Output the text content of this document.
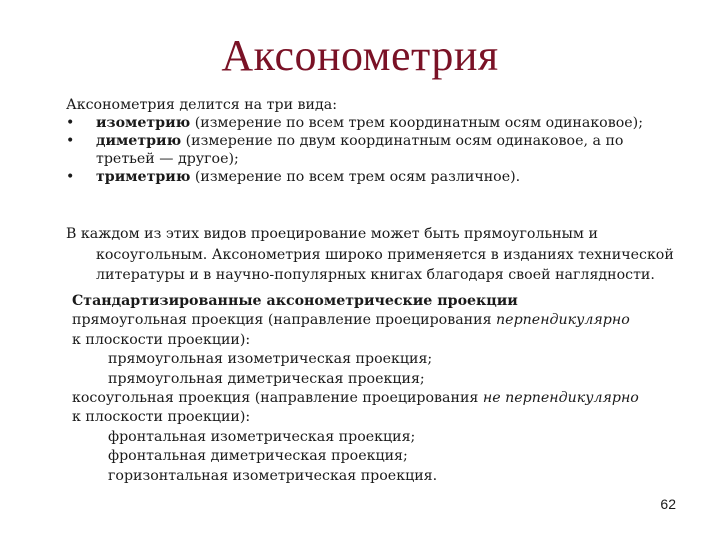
Аксонометрия

Аксонометрия делится на три вида:

• изометрию (измерение по всем трем координатным осям одинаковое);
• диметрию (измерение по двум координатным осям одинаковое, а по третьей — другое);
• триметрию (измерение по всем трем осям различное).

В каждом из этих видов проецирование может быть прямоугольным и косоугольным. Аксонометрия широко применяется в изданиях технической литературы и в научно-популярных книгах благодаря своей наглядности.

Стандартизированные аксонометрические проекции
прямоугольная проекция (направление проецирования перпендикулярно
к плоскости проекции):
прямоугольная изометрическая проекция;
прямоугольная диметрическая проекция;
косоугольная проекция (направление проецирования не перпендикулярно
к плоскости проекции):
фронтальная изометрическая проекция;
фронтальная диметрическая проекция;
горизонтальная изометрическая проекция.
62
